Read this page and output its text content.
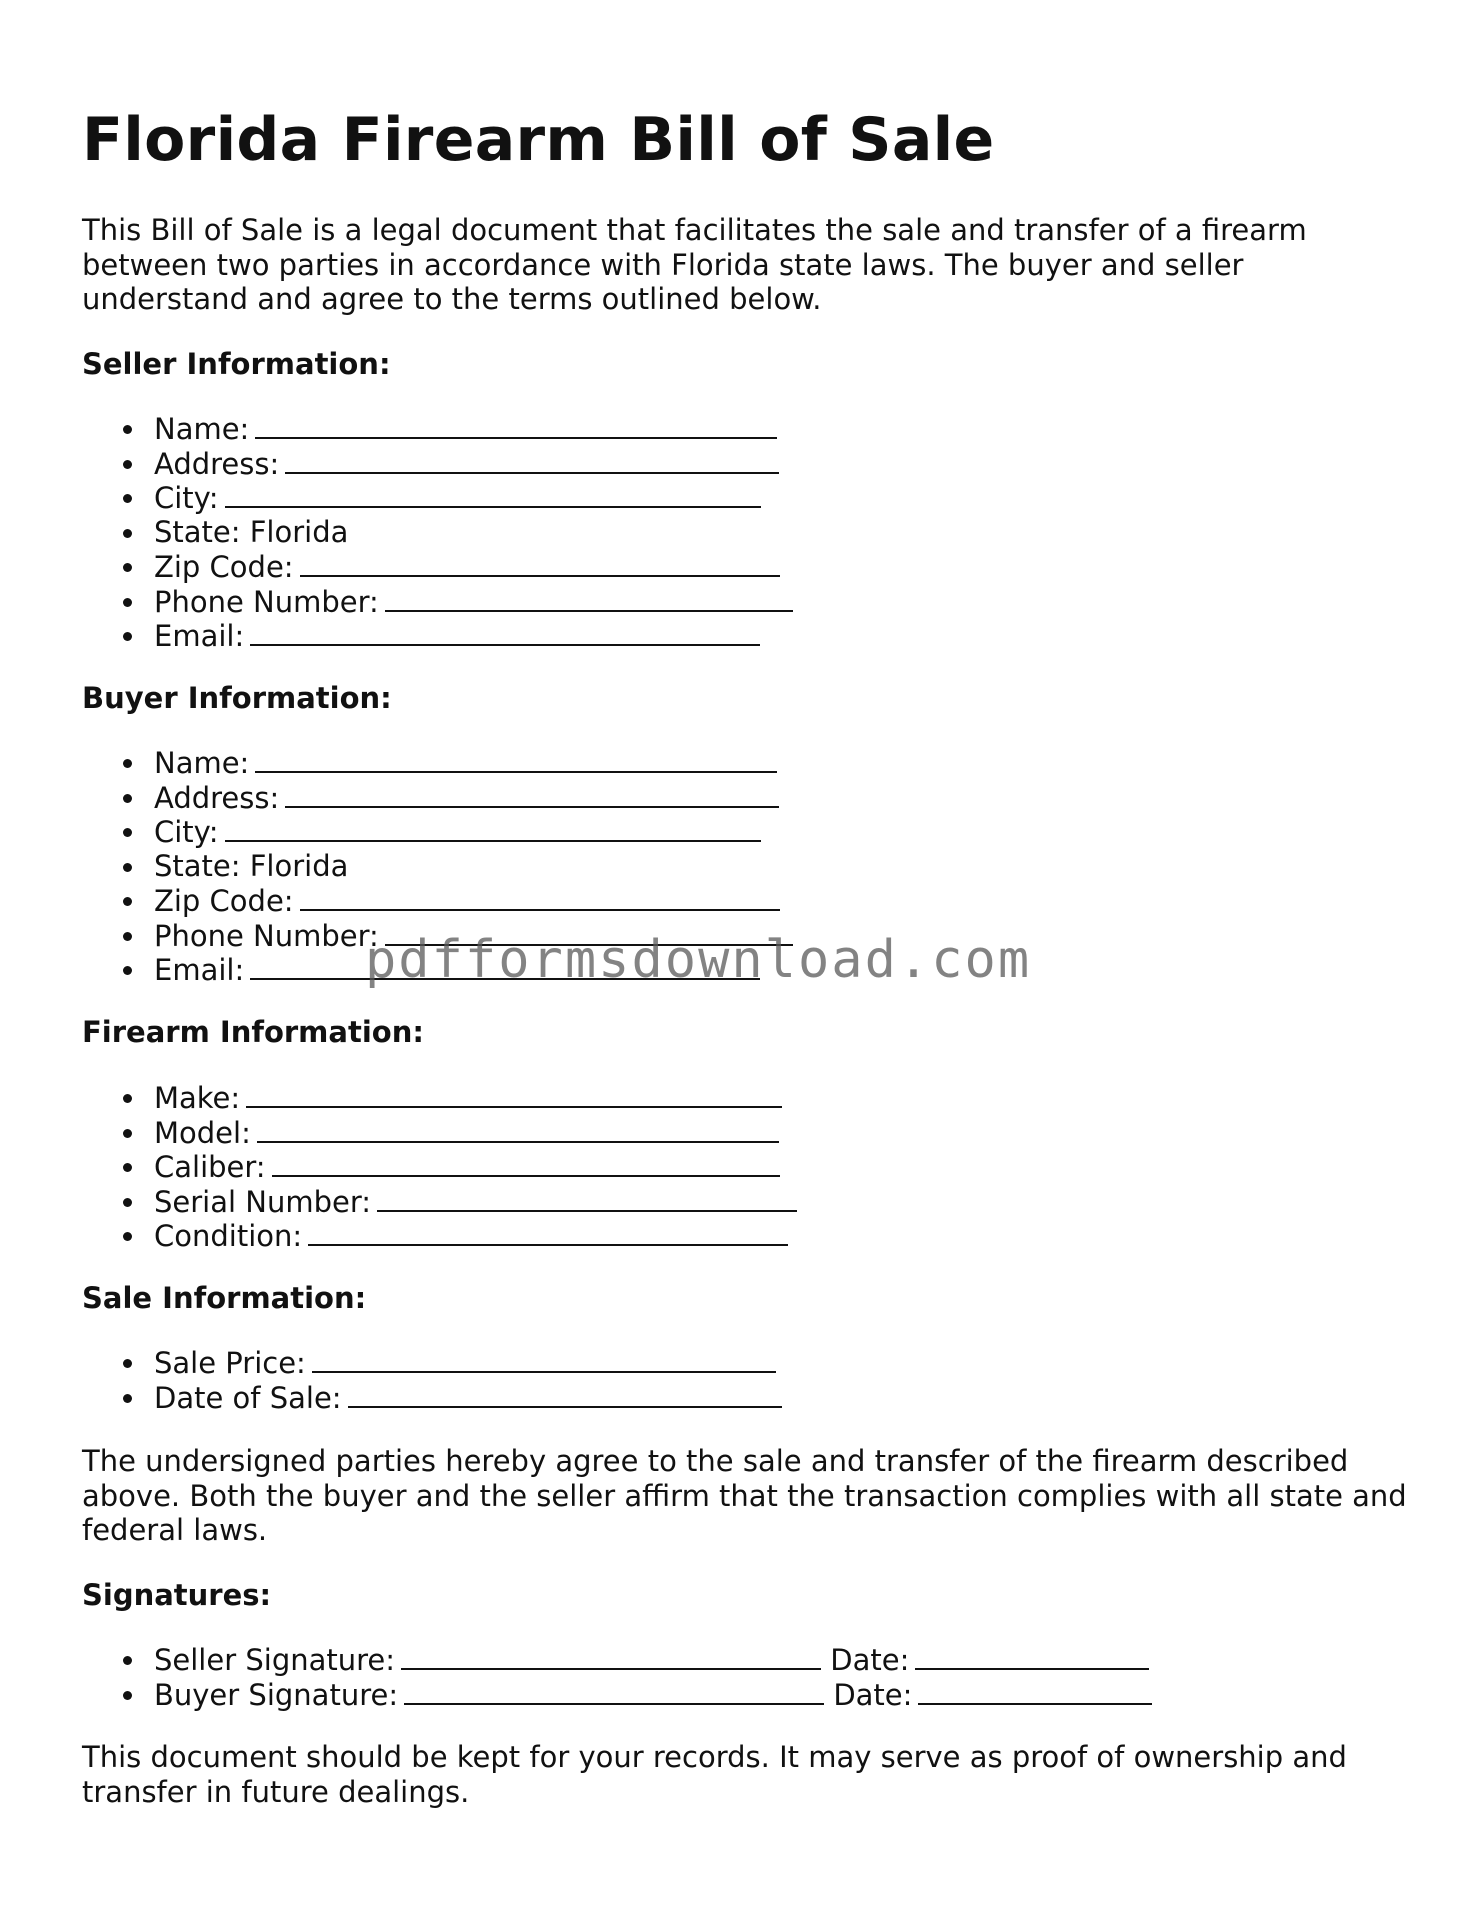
Florida Firearm Bill of Sale

This Bill of Sale is a legal document that facilitates the sale and transfer of a firearm between two parties in accordance with Florida state laws. The buyer and seller understand and agree to the terms outlined below.

Seller Information:

Name:
Address:
City:
State: Florida
Zip Code:
Phone Number:
Email:

Buyer Information:

Name:
Address:
City:
State: Florida
Zip Code:
Phone Number:
Email:

Firearm Information:

Make:
Model:
Caliber:
Serial Number:
Condition:

Sale Information:

Sale Price:
Date of Sale:

The undersigned parties hereby agree to the sale and transfer of the firearm described above. Both the buyer and the seller affirm that the transaction complies with all state and federal laws.

Signatures:

Seller Signature:	Date:
Buyer Signature:	Date:

This document should be kept for your records. It may serve as proof of ownership and transfer in future dealings.

pdfformsdownload.com
